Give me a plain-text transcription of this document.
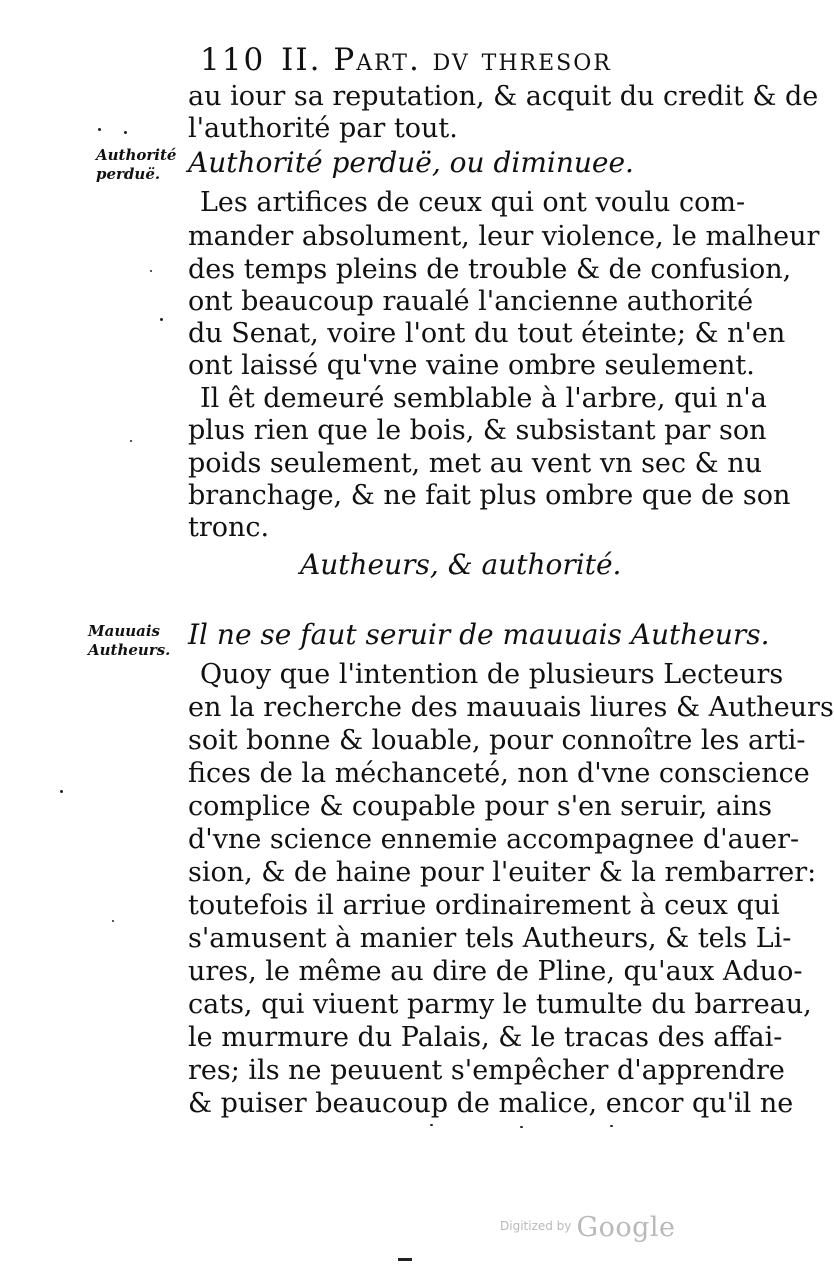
110 II. Part. dv thresor
au iour sa reputation, & acquit du credit & de
l'authorité par tout.
Authorité
perduë. Authorité perduë, ou diminuee.
Les artifices de ceux qui ont voulu com-
mander absolument, leur violence, le malheur
des temps pleins de trouble & de confusion,
ont beaucoup raualé l'ancienne authorité
du Senat, voire l'ont du tout éteinte; & n'en
ont laissé qu'vne vaine ombre seulement.
Il êt demeuré semblable à l'arbre, qui n'a
plus rien que le bois, & subsistant par son
poids seulement, met au vent vn sec & nu
branchage, & ne fait plus ombre que de son
tronc.
Autheurs, & authorité.
Mauuais
Autheurs. Il ne se faut seruir de mauuais Autheurs.
Quoy que l'intention de plusieurs Lecteurs
en la recherche des mauuais liures & Autheurs
soit bonne & louable, pour connoître les arti-
fices de la méchanceté, non d'vne conscience
complice & coupable pour s'en seruir, ains
d'vne science ennemie accompagnee d'auer-
sion, & de haine pour l'euiter & la rembarrer:
toutefois il arriue ordinairement à ceux qui
s'amusent à manier tels Autheurs, & tels Li-
ures, le même au dire de Pline, qu'aux Aduo-
cats, qui viuent parmy le tumulte du barreau,
le murmure du Palais, & le tracas des affai-
res; ils ne peuuent s'empêcher d'apprendre
& puiser beaucoup de malice, encor qu'il ne
$^{Digitized by}$ Google
